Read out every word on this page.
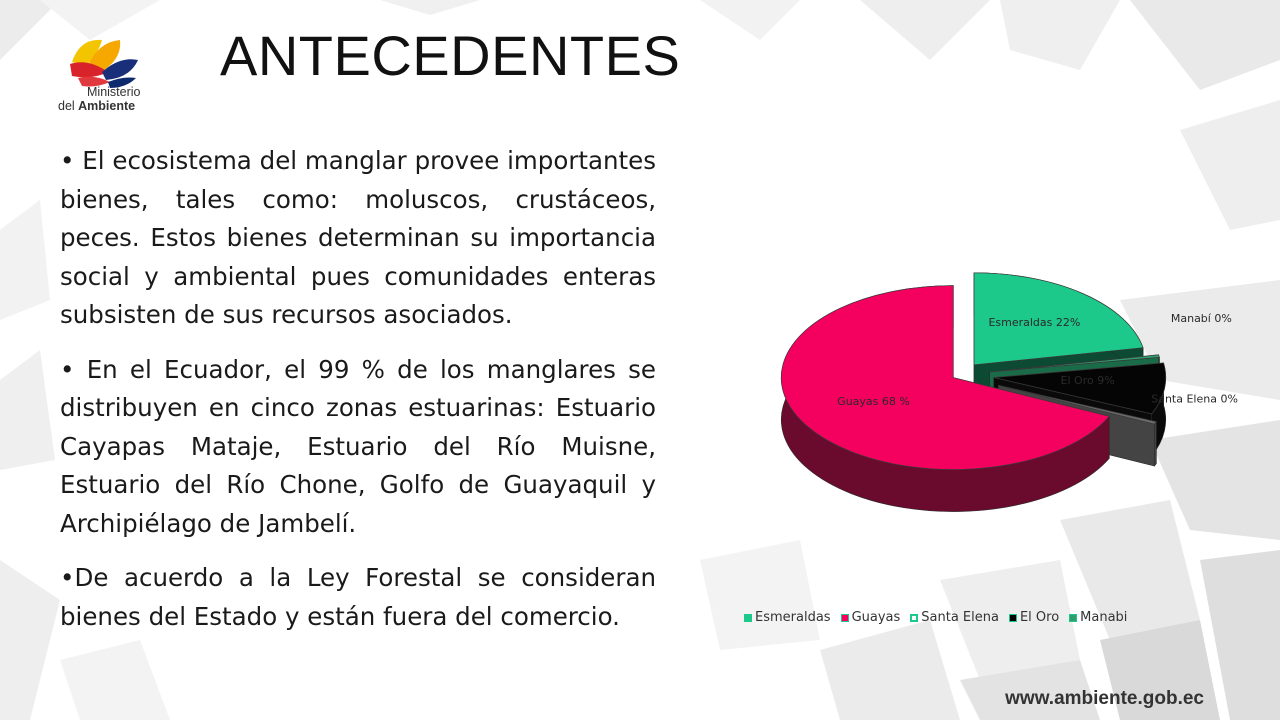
Ministerio
del Ambiente
ANTECEDENTES

• El ecosistema del manglar provee importantes bienes, tales como: moluscos, crustáceos, peces. Estos bienes determinan su importancia social y ambiental pues comunidades enteras subsisten de sus recursos asociados.

• En el Ecuador, el 99 % de los manglares se distribuyen en cinco zonas estuarinas: Estuario Cayapas Mataje, Estuario del Río Muisne, Estuario del Río Chone, Golfo de Guayaquil y Archipiélago de Jambelí.

•De acuerdo a la Ley Forestal se consideran bienes del Estado y están fuera del comercio.

Esmeraldas 22%	Manabí 0%
El Oro 9%
Santa Elena 0%
Guayas 68 %
Esmeraldas Guayas Santa Elena El Oro Manabi
www.ambiente.gob.ec
